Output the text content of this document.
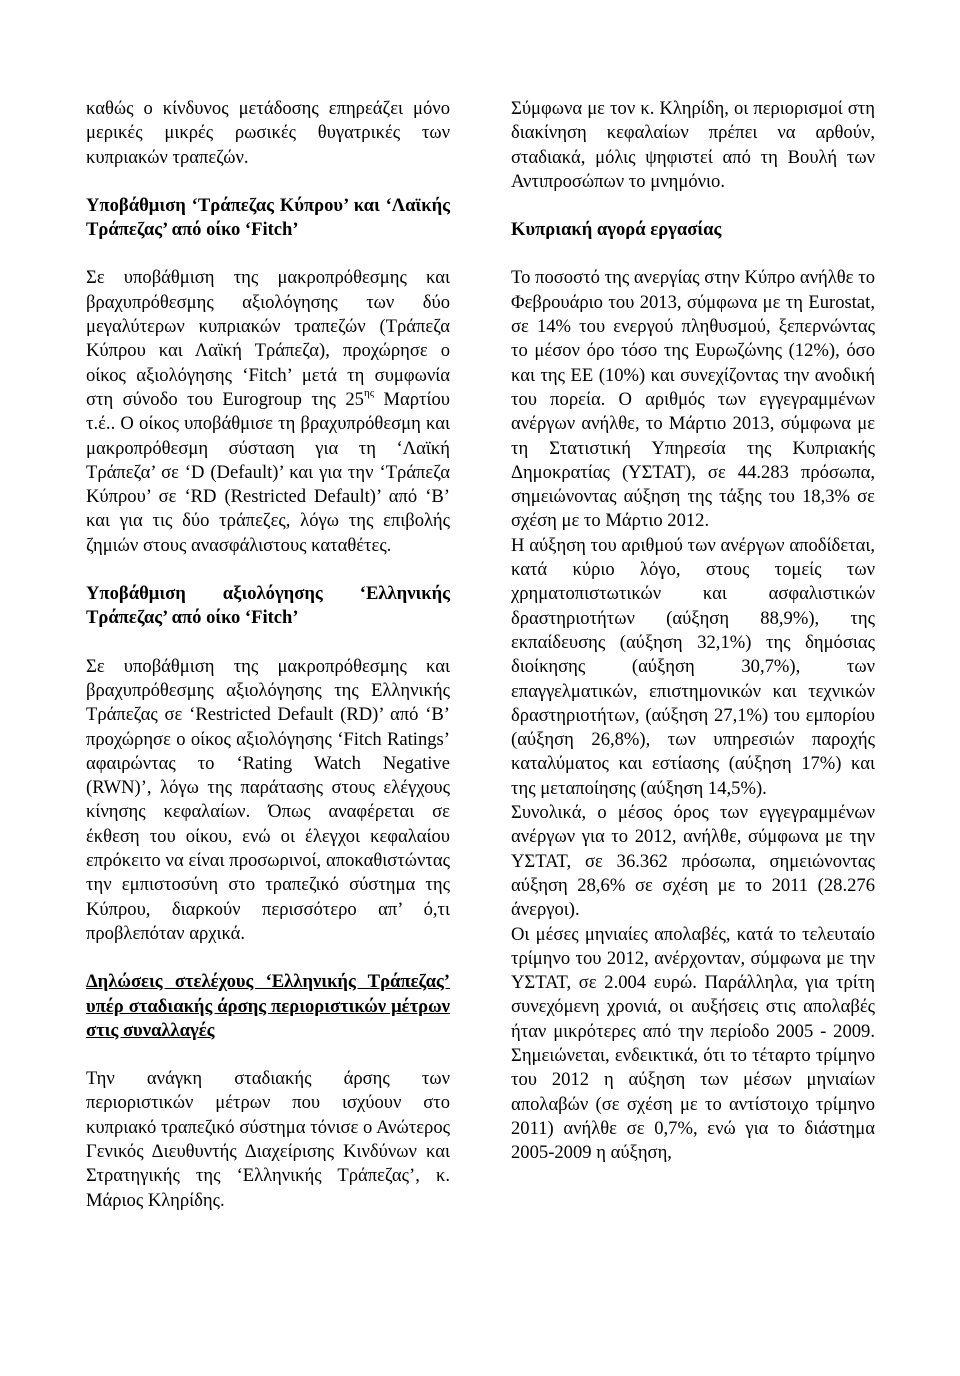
καθώς ο κίνδυνος μετάδοσης επηρεάζει μόνο μερικές μικρές ρωσικές θυγατρικές των κυπριακών τραπεζών.

Υποβάθμιση ‘Τράπεζας Κύπρου’ και ‘Λαϊκής Τράπεζας’ από οίκο ‘Fitch’

Σε υποβάθμιση της μακροπρόθεσμης και βραχυπρόθεσμης αξιολόγησης των δύο μεγαλύτερων κυπριακών τραπεζών (Τράπεζα Κύπρου και Λαϊκή Τράπεζα), προχώρησε ο οίκος αξιολόγησης ‘Fitch’ μετά τη συμφωνία στη σύνοδο του Eurogroup της $25^{\eta\varsigma}$ Μαρτίου τ.έ.. Ο οίκος υποβάθμισε τη βραχυπρόθεσμη και μακροπρόθεσμη σύσταση για τη ‘Λαϊκή Τράπεζα’ σε ‘D (Default)’ και για την ‘Τράπεζα Κύπρου’ σε ‘RD (Restricted Default)’ από ‘B’ και για τις δύο τράπεζες, λόγω της επιβολής ζημιών στους ανασφάλιστους καταθέτες.

Υποβάθμιση αξιολόγησης ‘Ελληνικής Τράπεζας’ από οίκο ‘Fitch’

Σε υποβάθμιση της μακροπρόθεσμης και βραχυπρόθεσμης αξιολόγησης της Ελληνικής Τράπεζας σε ‘Restricted Default (RD)’ από ‘B’ προχώρησε ο οίκος αξιολόγησης ‘Fitch Ratings’ αφαιρώντας το ‘Rating Watch Negative (RWN)’, λόγω της παράτασης στους ελέγχους κίνησης κεφαλαίων. Όπως αναφέρεται σε έκθεση του οίκου, ενώ οι έλεγχοι κεφαλαίου επρόκειτο να είναι προσωρινοί, αποκαθιστώντας την εμπιστοσύνη στο τραπεζικό σύστημα της Κύπρου, διαρκούν περισσότερο απ’ ό,τι προβλεπόταν αρχικά.

Δηλώσεις στελέχους ‘Ελληνικής Τράπεζας’ υπέρ σταδιακής άρσης περιοριστικών μέτρων στις συναλλαγές

Την ανάγκη σταδιακής άρσης των περιοριστικών μέτρων που ισχύουν στο κυπριακό τραπεζικό σύστημα τόνισε ο Ανώτερος Γενικός Διευθυντής Διαχείρισης Κινδύνων και Στρατηγικής της ‘Ελληνικής Τράπεζας’, κ. Μάριος Κληρίδης.

Σύμφωνα με τον κ. Κληρίδη, οι περιορισμοί στη διακίνηση κεφαλαίων πρέπει να αρθούν, σταδιακά, μόλις ψηφιστεί από τη Βουλή των Αντιπροσώπων το μνημόνιο.

Κυπριακή αγορά εργασίας

Το ποσοστό της ανεργίας στην Κύπρο ανήλθε το Φεβρουάριο του 2013, σύμφωνα με τη Eurostat, σε 14% του ενεργού πληθυσμού, ξεπερνώντας το μέσον όρο τόσο της Ευρωζώνης (12%), όσο και της ΕΕ (10%) και συνεχίζοντας την ανοδική του πορεία. Ο αριθμός των εγγεγραμμένων ανέργων ανήλθε, το Μάρτιο 2013, σύμφωνα με τη Στατιστική Υπηρεσία της Κυπριακής Δημοκρατίας (ΥΣΤΑΤ), σε 44.283 πρόσωπα, σημειώνοντας αύξηση της τάξης του 18,3% σε σχέση με το Μάρτιο 2012.

Η αύξηση του αριθμού των ανέργων αποδίδεται, κατά κύριο λόγο, στους τομείς των χρηματοπιστωτικών και ασφαλιστικών δραστηριοτήτων (αύξηση 88,9%), της εκπαίδευσης (αύξηση 32,1%) της δημόσιας διοίκησης (αύξηση 30,7%), των επαγγελματικών, επιστημονικών και τεχνικών δραστηριοτήτων, (αύξηση 27,1%) του εμπορίου (αύξηση 26,8%), των υπηρεσιών παροχής καταλύματος και εστίασης (αύξηση 17%) και της μεταποίησης (αύξηση 14,5%).

Συνολικά, ο μέσος όρος των εγγεγραμμένων ανέργων για το 2012, ανήλθε, σύμφωνα με την ΥΣΤΑΤ, σε 36.362 πρόσωπα, σημειώνοντας αύξηση 28,6% σε σχέση με το 2011 (28.276 άνεργοι).

Οι μέσες μηνιαίες απολαβές, κατά το τελευταίο τρίμηνο του 2012, ανέρχονταν, σύμφωνα με την ΥΣΤΑΤ, σε 2.004 ευρώ. Παράλληλα, για τρίτη συνεχόμενη χρονιά, οι αυξήσεις στις απολαβές ήταν μικρότερες από την περίοδο 2005 - 2009. Σημειώνεται, ενδεικτικά, ότι το τέταρτο τρίμηνο του 2012 η αύξηση των μέσων μηνιαίων απολαβών (σε σχέση με το αντίστοιχο τρίμηνο 2011) ανήλθε σε 0,7%, ενώ για το διάστημα 2005-2009 η αύξηση,
